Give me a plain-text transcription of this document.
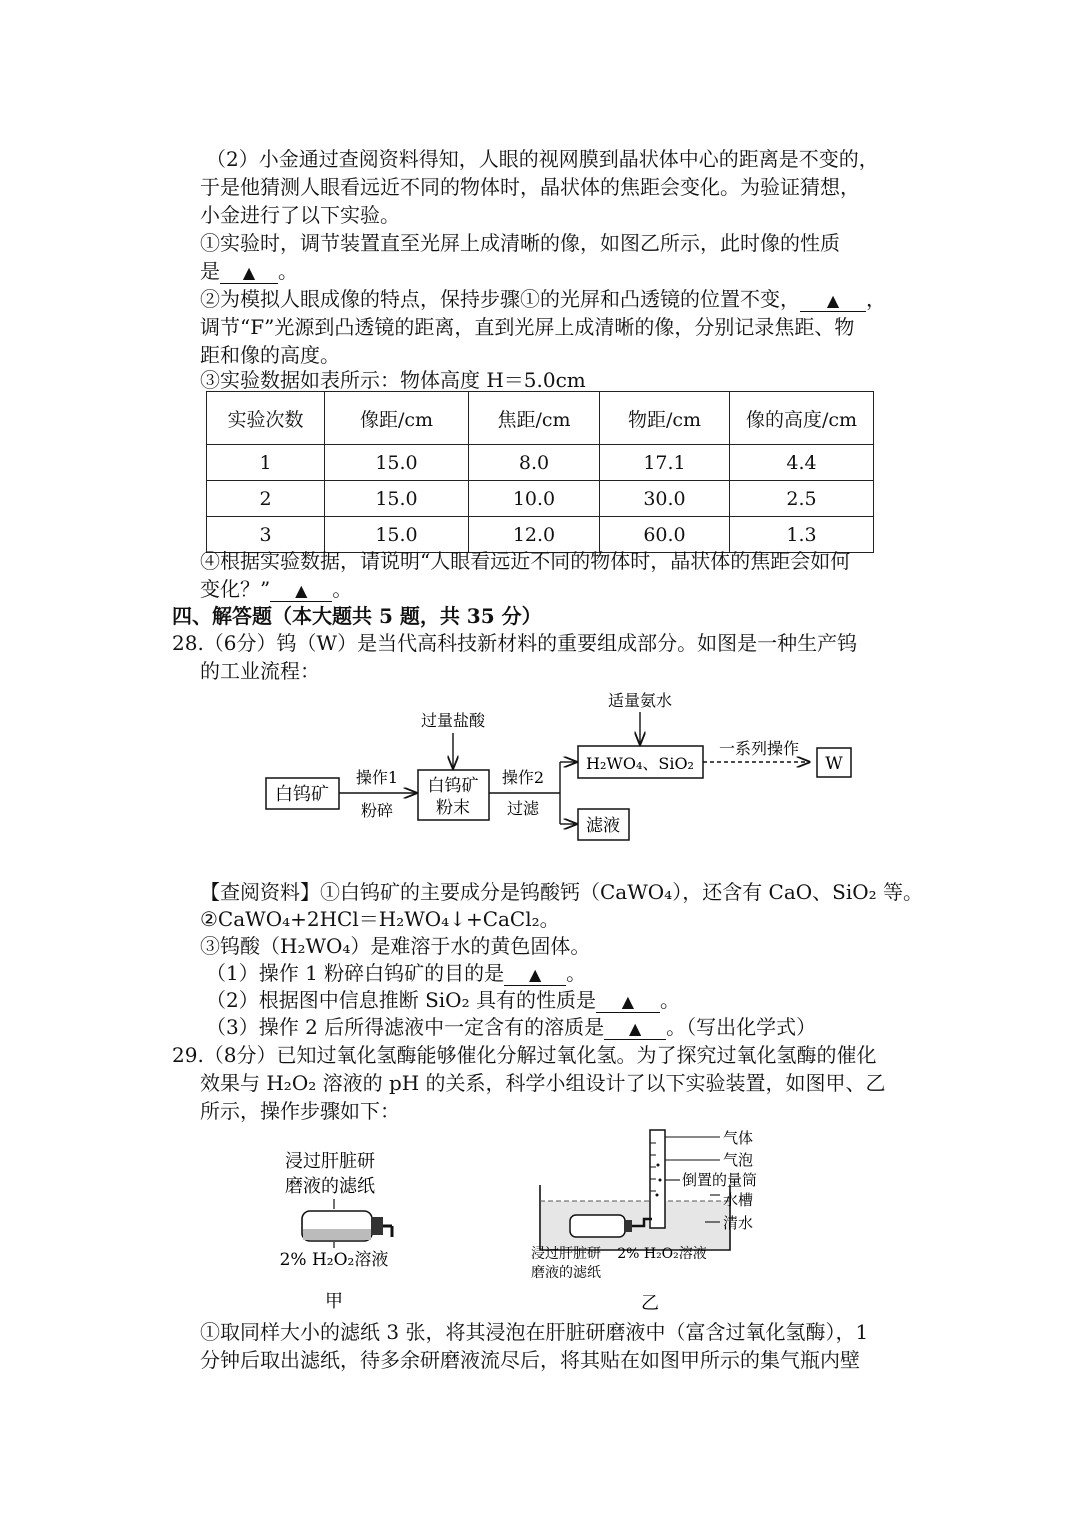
（2）小金通过查阅资料得知，人眼的视网膜到晶状体中心的距离是不变的，
于是他猜测人眼看远近不同的物体时，晶状体的焦距会变化。为验证猜想，
小金进行了以下实验。
①实验时，调节装置直至光屏上成清晰的像，如图乙所示，此时像的性质
是 ▲ 。
②为模拟人眼成像的特点，保持步骤①的光屏和凸透镜的位置不变， ▲ ，
调节“F”光源到凸透镜的距离，直到光屏上成清晰的像，分别记录焦距、物
距和像的高度。
③实验数据如表所示：物体高度 H＝5.0cm
实验次数	像距/cm	焦距/cm	物距/cm	像的高度/cm
1	15.0	8.0	17.1	4.4
2	15.0	10.0	30.0	2.5
3	15.0	12.0	60.0	1.3
④根据实验数据，请说明“人眼看远近不同的物体时，晶状体的焦距会如何
变化？” ▲ 。
四、解答题（本大题共 5 题，共 35 分）
28.（6分）钨（W）是当代高科技新材料的重要组成部分。如图是一种生产钨
的工业流程：
白钨矿	白钨矿
粉末
H₂WO₄、SiO₂	W
滤液
操作1
粉碎
过量盐酸
操作2
过滤
适量氨水
一系列操作
【查阅资料】①白钨矿的主要成分是钨酸钙（CaWO₄），还含有 CaO、SiO₂ 等。
②CaWO₄+2HCl＝H₂WO₄↓+CaCl₂。
③钨酸（H₂WO₄）是难溶于水的黄色固体。
（1）操作 1 粉碎白钨矿的目的是 ▲ 。
（2）根据图中信息推断 SiO₂ 具有的性质是 ▲ 。
（3）操作 2 后所得滤液中一定含有的溶质是 ▲ 。（写出化学式）
29.（8分）已知过氧化氢酶能够催化分解过氧化氢。为了探究过氧化氢酶的催化
效果与 H₂O₂ 溶液的 pH 的关系，科学小组设计了以下实验装置，如图甲、乙
所示，操作步骤如下：
浸过肝脏研
磨液的滤纸
2% H₂O₂溶液
甲
气体
气泡
倒置的量筒
水槽
清水
浸过肝脏研
磨液的滤纸
2% H₂O₂溶液
乙
①取同样大小的滤纸 3 张，将其浸泡在肝脏研磨液中（富含过氧化氢酶），1
分钟后取出滤纸，待多余研磨液流尽后，将其贴在如图甲所示的集气瓶内壁
